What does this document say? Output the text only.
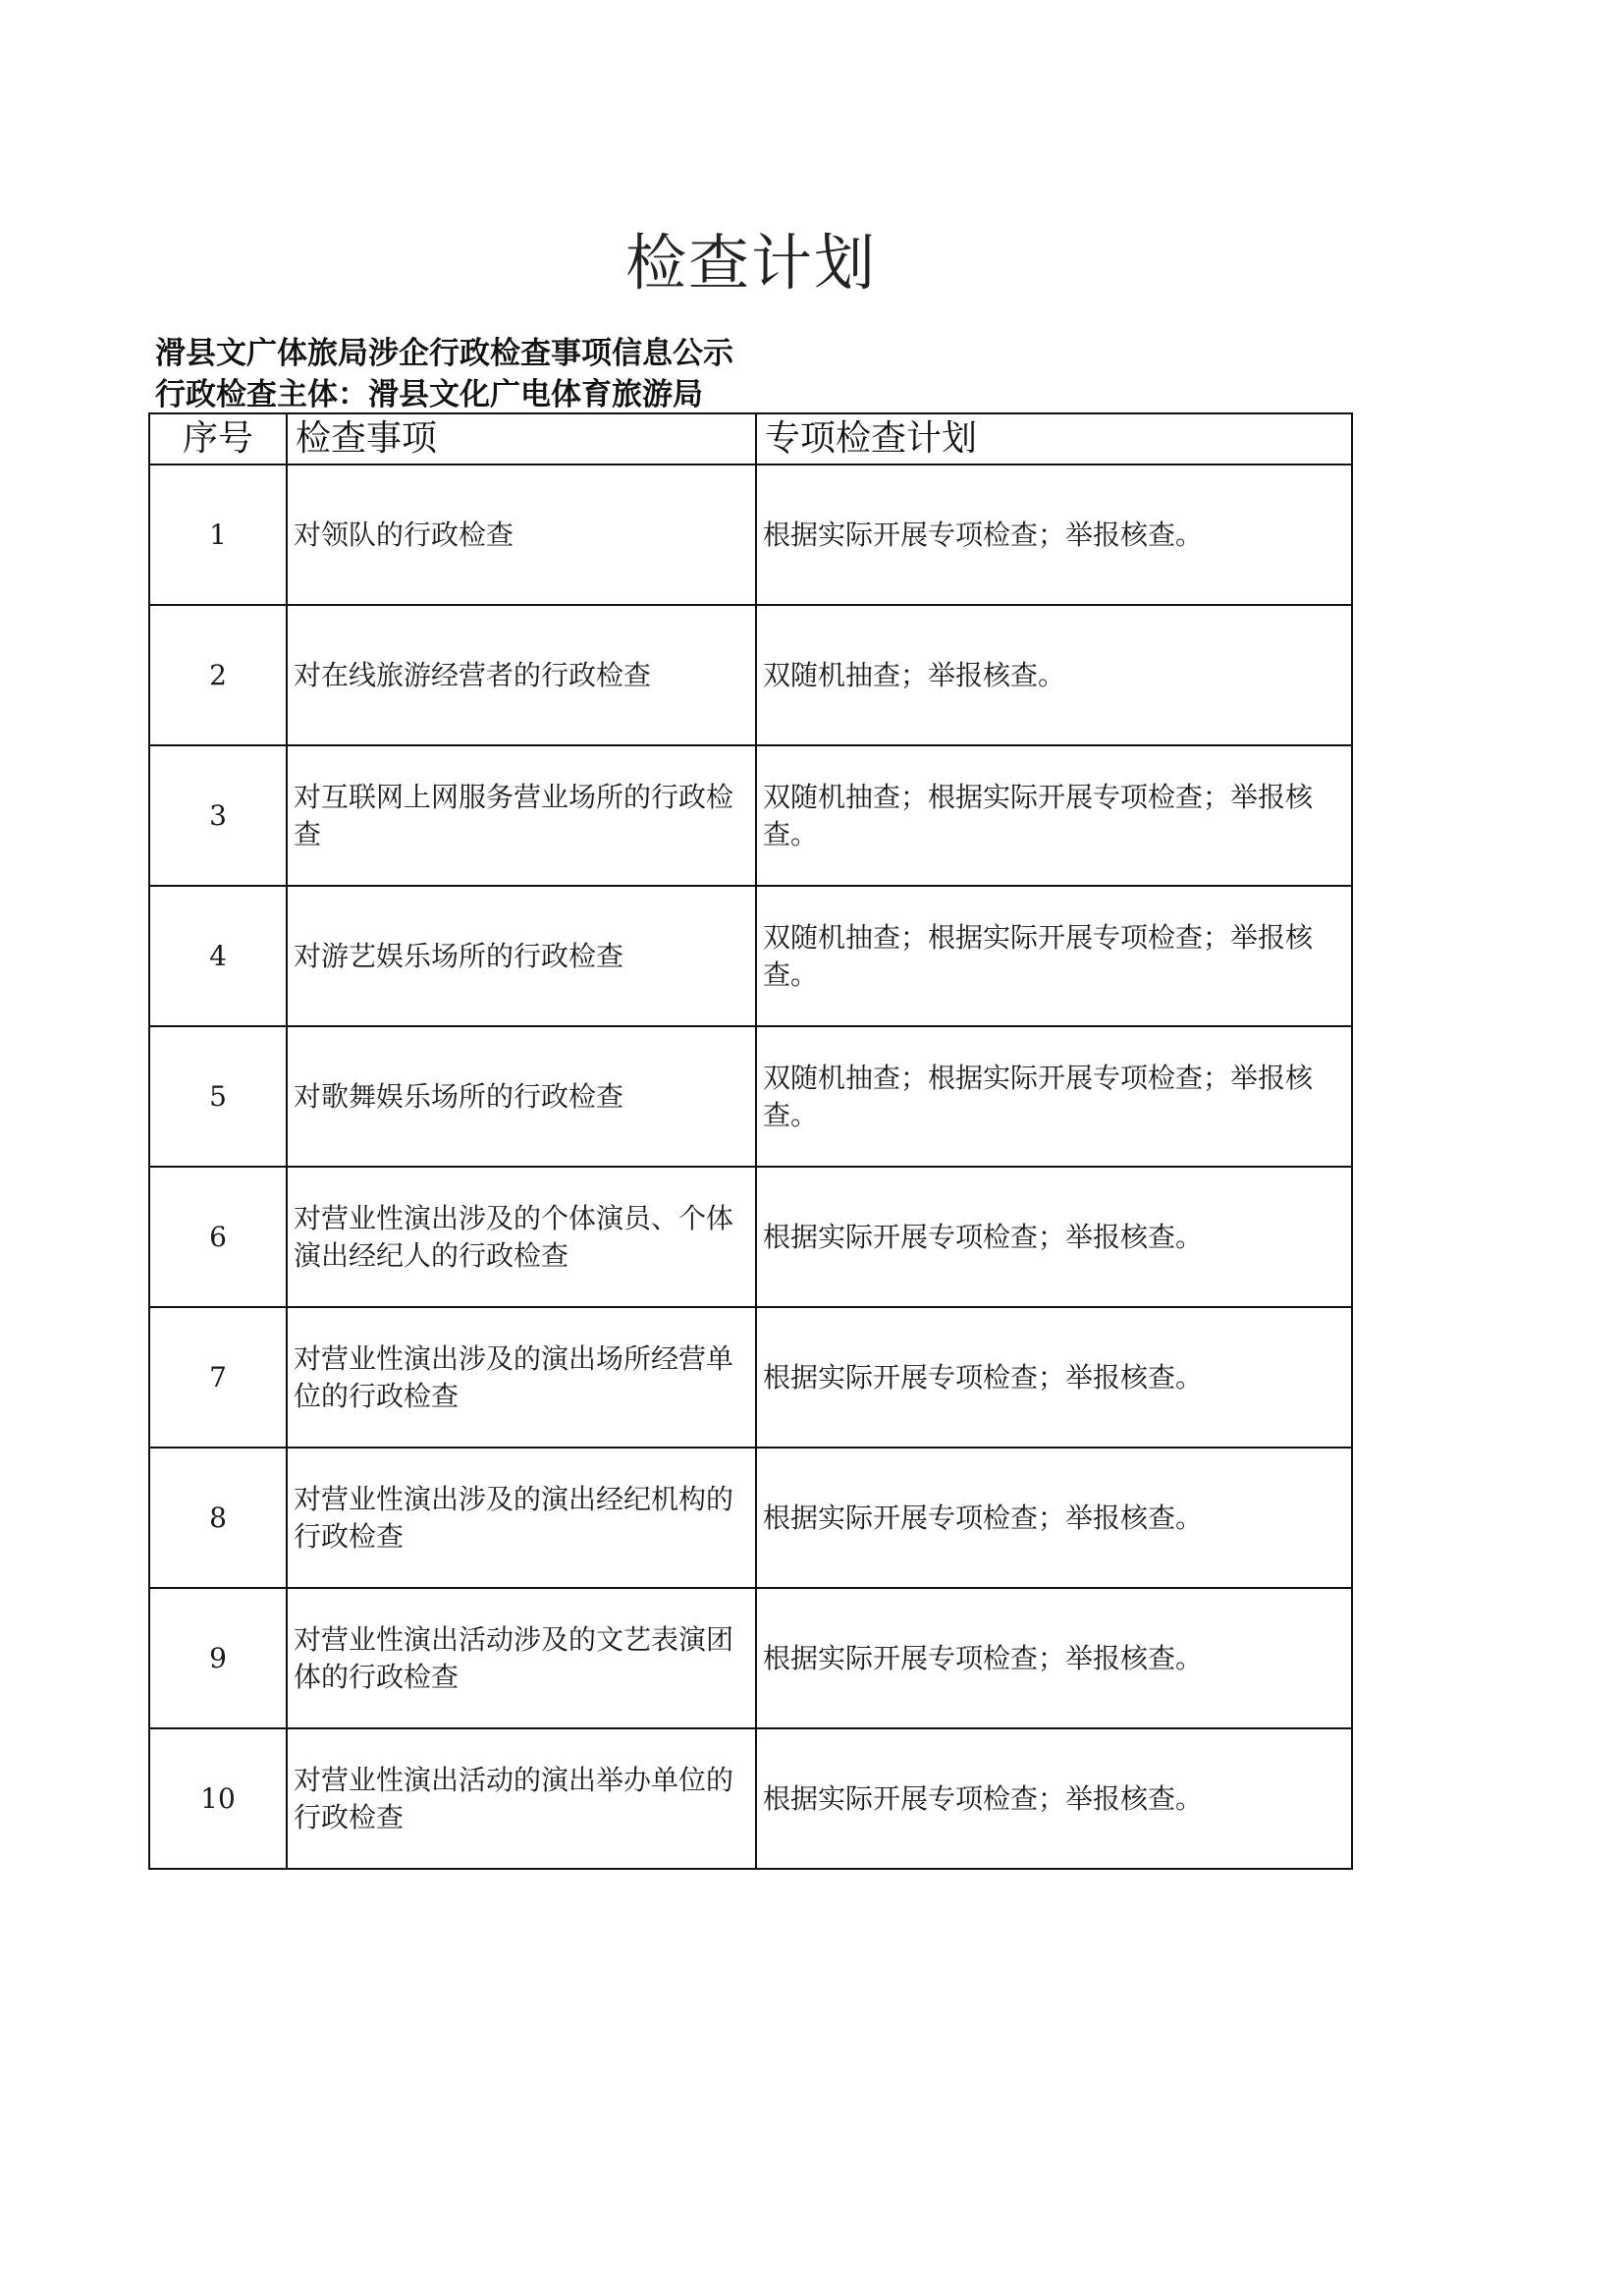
检查计划
滑县文广体旅局涉企行政检查事项信息公示
行政检查主体：滑县文化广电体育旅游局
序号	检查事项	专项检查计划
1	对领队的行政检查	根据实际开展专项检查；举报核查。
2	对在线旅游经营者的行政检查	双随机抽查；举报核查。
3	对互联网上网服务营业场所的行政检查	双随机抽查；根据实际开展专项检查；举报核查。
4	对游艺娱乐场所的行政检查	双随机抽查；根据实际开展专项检查；举报核查。
5	对歌舞娱乐场所的行政检查	双随机抽查；根据实际开展专项检查；举报核查。
6	对营业性演出涉及的个体演员、个体演出经纪人的行政检查	根据实际开展专项检查；举报核查。
7	对营业性演出涉及的演出场所经营单位的行政检查	根据实际开展专项检查；举报核查。
8	对营业性演出涉及的演出经纪机构的行政检查	根据实际开展专项检查；举报核查。
9	对营业性演出活动涉及的文艺表演团体的行政检查	根据实际开展专项检查；举报核查。
10	对营业性演出活动的演出举办单位的行政检查	根据实际开展专项检查；举报核查。
